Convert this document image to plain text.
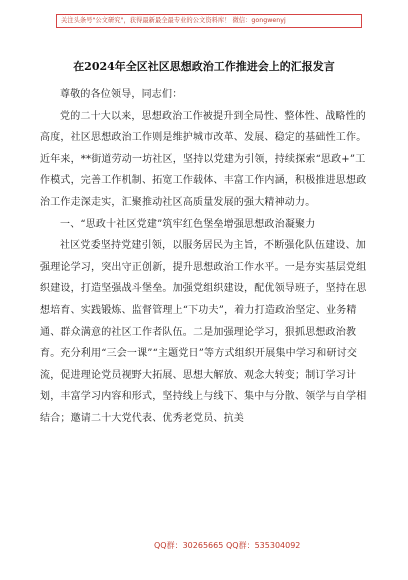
关注头条号"公文研究"，获得最新最全最专业的公文资料库！ 微信：gongwenyj
在2024年全区社区思想政治工作推进会上的汇报发言

尊敬的各位领导，同志们：

党的二十大以来，思想政治工作被提升到全局性、整体性、战略性的高度，社区思想政治工作则是维护城市改革、发展、稳定的基础性工作。近年来，**街道劳动一坊社区，坚持以党建为引领，持续探索“思政+”工作模式，完善工作机制、拓宽工作载体、丰富工作内涵，积极推进思想政治工作走深走实，汇聚推动社区高质量发展的强大精神动力。

一、“思政十社区党建”筑牢红色堡垒增强思想政治凝聚力

社区党委坚持党建引领，以服务居民为主旨，不断强化队伍建设、加强理论学习，突出守正创新，提升思想政治工作水平。一是夯实基层党组织建设，打造坚强战斗堡垒。加强党组织建设，配优领导班子，坚持在思想培育、实践锻炼、监督管理上“下功夫”，着力打造政治坚定、业务精通、群众满意的社区工作者队伍。二是加强理论学习，狠抓思想政治教育。充分利用“三会一课”“主题党日”等方式组织开展集中学习和研讨交流，促进理论党员视野大拓展、思想大解放、观念大转变；制订学习计划，丰富学习内容和形式，坚持线上与线下、集中与分散、领学与自学相结合；邀请二十大党代表、优秀老党员、抗美

QQ群：30265665 QQ群：535304092
